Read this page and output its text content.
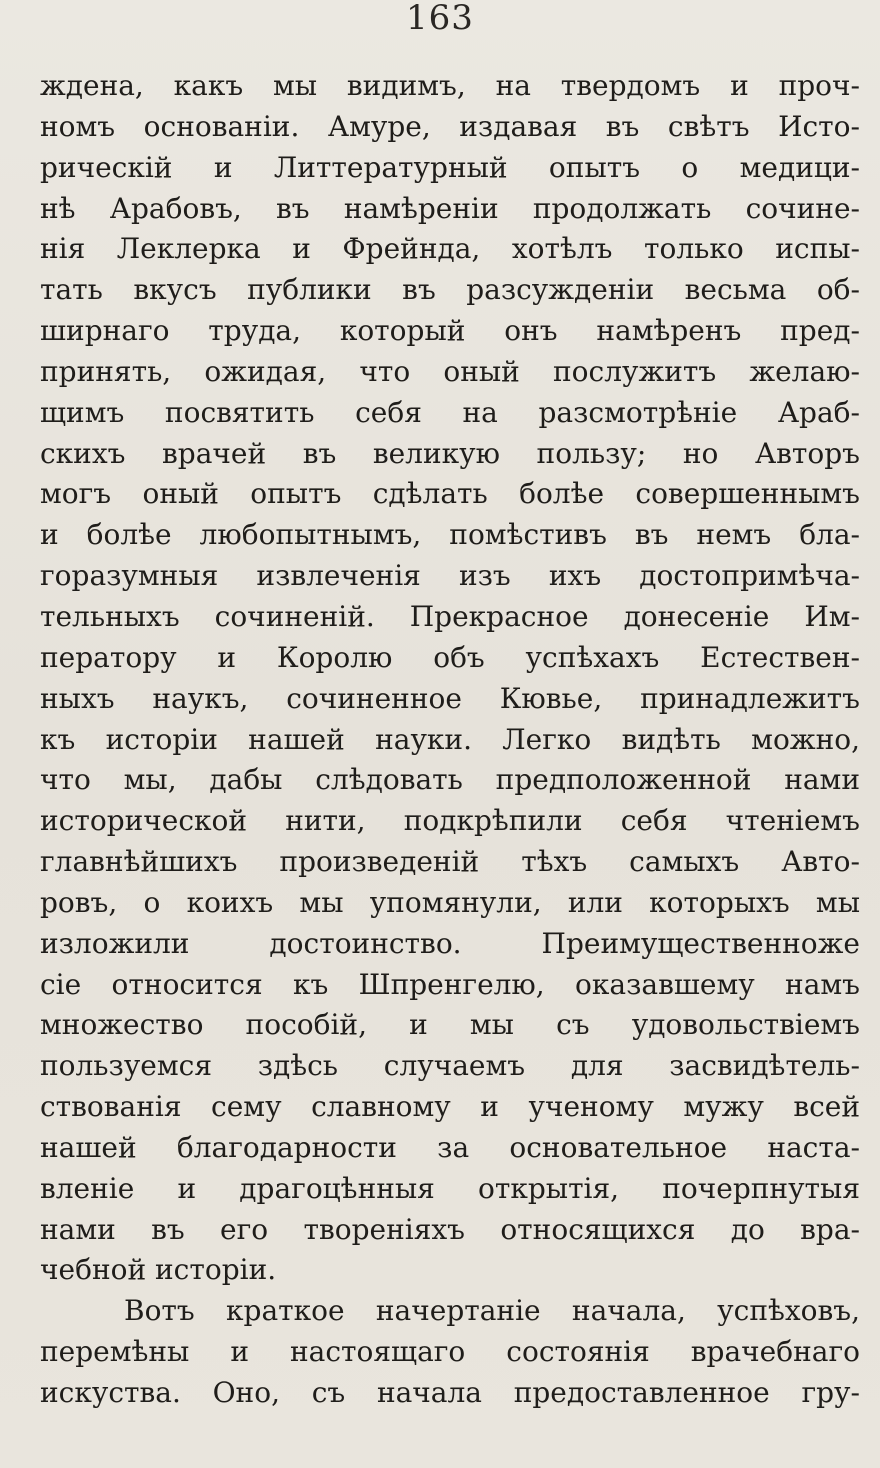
163
ждена, какъ мы видимъ, на твердомъ и проч-
номъ основанiи. Амуре, издавая въ свѣтъ Исто-
рическiй и Литтературный опытъ о медици-
нѣ Арабовъ, въ намѣренiи продолжать сочине-
нiя Леклерка и Фрейнда, хотѣлъ только испы-
тать вкусъ публики въ разсужденiи весьма об-
ширнаго труда, который онъ намѣренъ пред-
принять, ожидая, что оный послужитъ желаю-
щимъ посвятить себя на разсмотрѣнiе Араб-
скихъ врачей въ великую пользу; но Авторъ
могъ оный опытъ сдѣлать болѣе совершеннымъ
и болѣе любопытнымъ, помѣстивъ въ немъ бла-
горазумныя извлеченiя изъ ихъ достопримѣча-
тельныхъ сочиненiй. Прекрасное донесенiе Им-
ператору и Королю объ успѣхахъ Естествен-
ныхъ наукъ, сочиненное Кювье, принадлежитъ
къ исторiи нашей науки. Легко видѣть можно,
что мы, дабы слѣдовать предположенной нами
исторической нити, подкрѣпили себя чтенiемъ
главнѣйшихъ произведенiй тѣхъ самыхъ Авто-
ровъ, о коихъ мы упомянули, или которыхъ мы
изложили достоинство. Преимущественноже
сiе относится къ Шпренгелю, оказавшему намъ
множество пособiй, и мы съ удовольствiемъ
пользуемся здѣсь случаемъ для засвидѣтель-
ствованiя сему славному и ученому мужу всей
нашей благодарности за основательное наста-
вленiе и драгоцѣнныя открытiя, почерпнутыя
нами въ его творенiяхъ относящихся до вра-
чебной исторiи.
Вотъ краткое начертанiе начала, успѣховъ,
перемѣны и настоящаго состоянiя врачебнаго
искуства. Оно, съ начала предоставленное гру-
